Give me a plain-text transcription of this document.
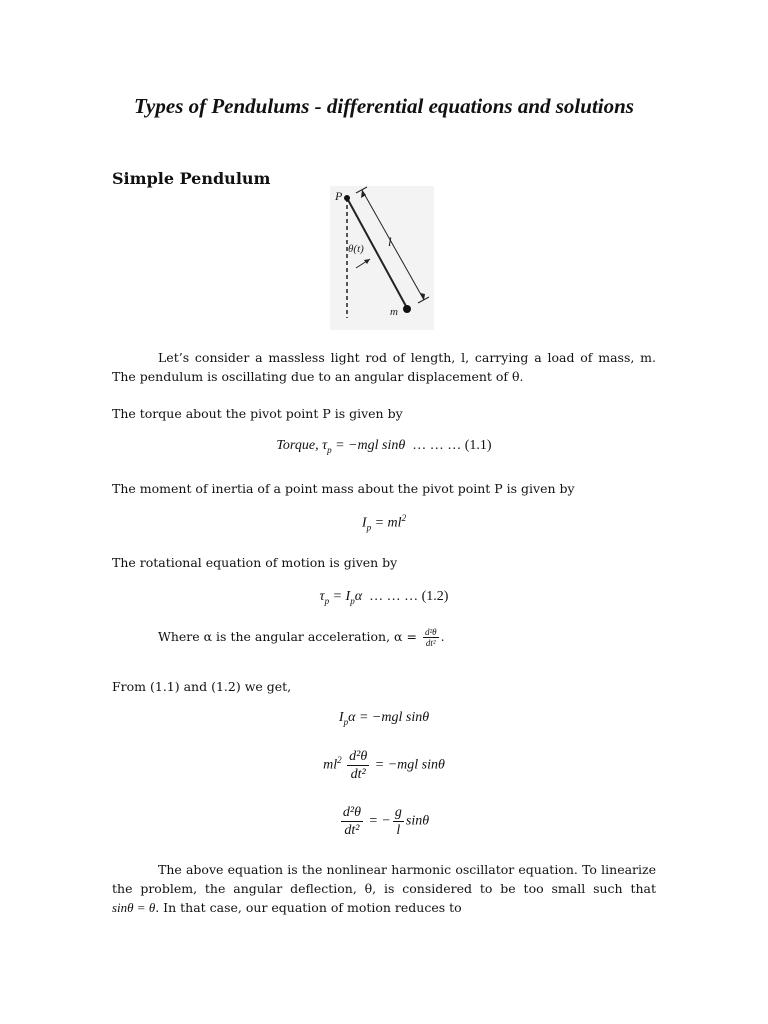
Types of Pendulums - differential equations and solutions
Simple Pendulum
P
θ(t) l
m
Let’s consider a massless light rod of length, l, carrying a load of mass, m. The pendulum is oscillating due to an angular displacement of θ.
The torque about the pivot point P is given by
Torque, $\tau_p = -mgl$ sinθ … … … (1.1)
The moment of inertia of a point mass about the pivot point P is given by
$I_p = ml^2$
The rotational equation of motion is given by
$\tau_p = I_p\alpha$ … … … (1.2)
Where α is the angular acceleration, $\alpha = \frac{\text{d²θ}}{\text{dt²}}$ .
From (1.1) and (1.2) we get,
$I_p\alpha = -mgl$ sinθ
$ml^2 \frac{\text{d²θ}}{\text{dt²}} = -mgl$ sinθ
$\frac{\text{d²θ}}{\text{dt²}}$ = − $\frac{g}{l}$ sinθ
The above equation is the nonlinear harmonic oscillator equation. To linearize the problem, the angular deflection, θ, is considered to be too small such that sinθ = θ. In that case, our equation of motion reduces to
